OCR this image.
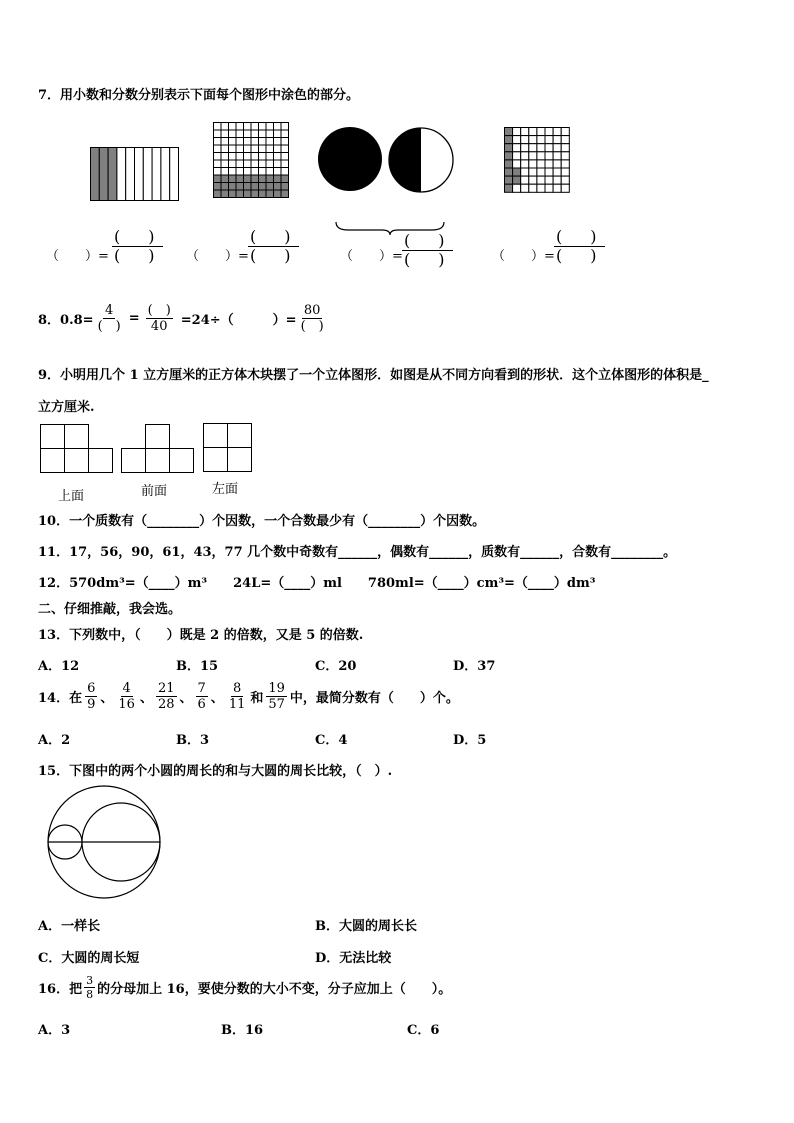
7．用小数和分数分别表示下面每个图形中涂色的部分。
（　　）= $\frac{( )}{( )}$ （　　）= $\frac{( )}{( )}$	（　　）= $\frac{( )}{( )}$	（　　）= $\frac{( )}{( )}$
8．$0.8= \frac{4}{( )} = \frac{( )}{40} =24\div$（　　　）= $\frac{80}{( )}$
9．小明用几个 1 立方厘米的正方体木块摆了一个立体图形．如图是从不同方向看到的形状．这个立体图形的体积是_
立方厘米.
上面	前面	左面
10．一个质数有（________）个因数，一个合数最少有（________）个因数。
11．17，56，90，61，43，77 几个数中奇数有______，偶数有______，质数有______，合数有________。
12．570dm³=（____）m³　　24L=（____）ml　　780ml=（____）cm³=（____）dm³
二、仔细推敲，我会选。
13．下列数中，（　　）既是 2 的倍数，又是 5 的倍数.
A．12	B．15	C．20	D．37
14．在 $\frac{6}{9}$ 、 $\frac{4}{16}$ 、 $\frac{21}{28}$ 、 $\frac{7}{6}$ 、 $\frac{8}{11}$ 和 $\frac{19}{57}$ 中，最简分数有（　　）个。
A．2	B．3	C．4	D．5
15．下图中的两个小圆的周长的和与大圆的周长比较，（　）.
A．一样长	B．大圆的周长长
C．大圆的周长短	D．无法比较
16．把 $\frac{3}{8}$ 的分母加上 16，要使分数的大小不变，分子应加上（　　）。
A．3	B．16	C．6
